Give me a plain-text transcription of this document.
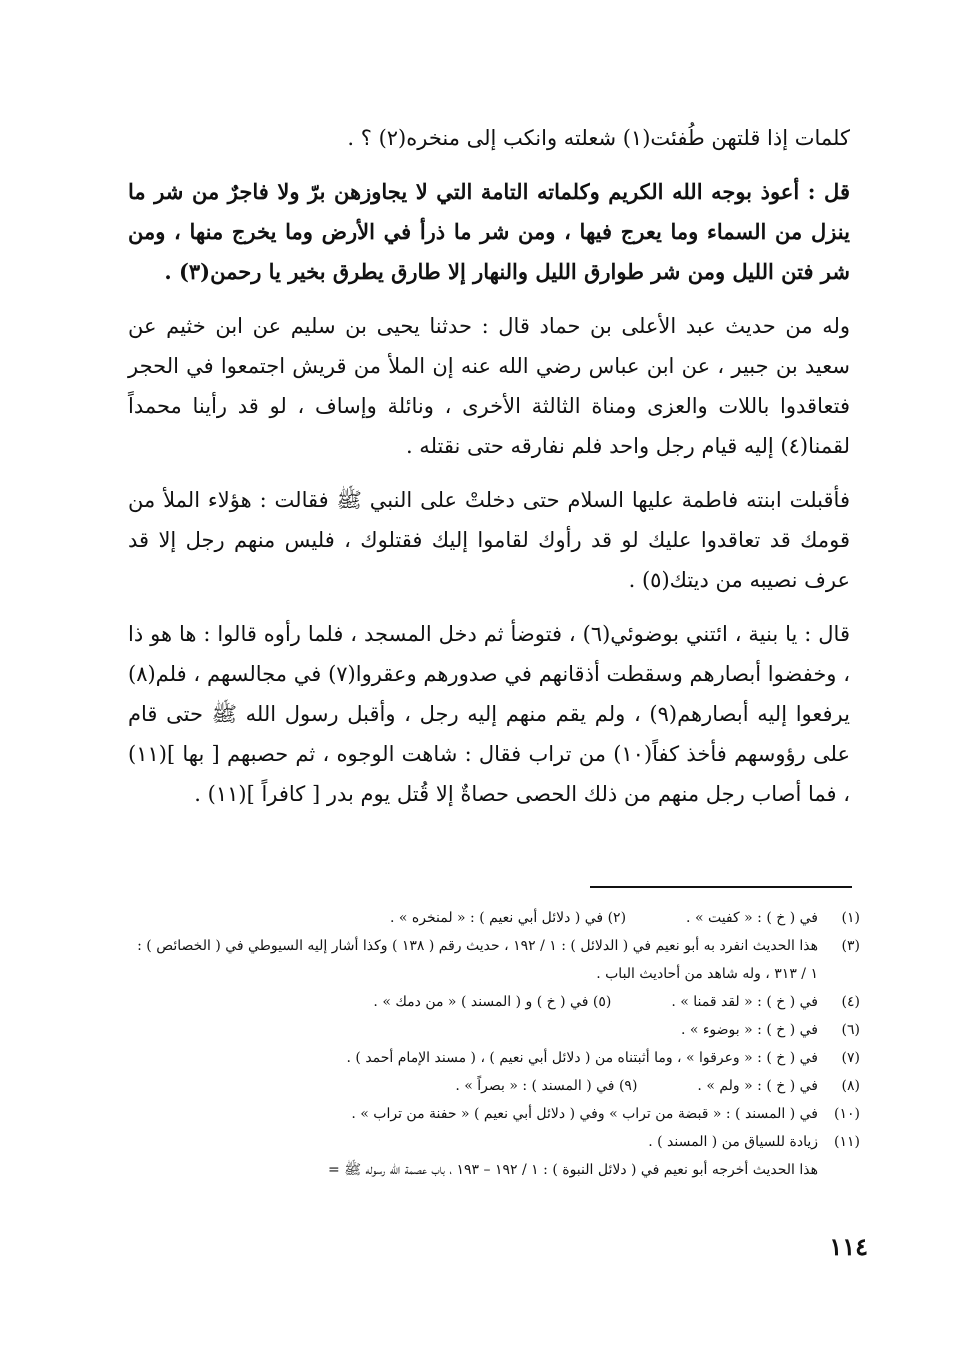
كلمات إذا قلتهن طُفئت(١) شعلته وانكب إلى منخره(٢) ؟ .

قل : أعوذ بوجه الله الكريم وكلماته التامة التي لا يجاوزهن برّ ولا فاجرٌ من شر ما ينزل من السماء وما يعرج فيها ، ومن شر ما ذرأ في الأرض وما يخرج منها ، ومن شر فتن الليل ومن شر طوارق الليل والنهار إلا طارق يطرق بخير يا رحمن(٣) .

وله من حديث عبد الأعلى بن حماد قال : حدثنا يحيى بن سليم عن ابن خثيم عن سعيد بن جبير ، عن ابن عباس رضي الله عنه إن الملأ من قريش اجتمعوا في الحجر فتعاقدوا باللات والعزى ومناة الثالثة الأخرى ، ونائلة وإساف ، لو قد رأينا محمداً لقمنا(٤) إليه قيام رجل واحد فلم نفارقه حتى نقتله .

فأقبلت ابنته فاطمة عليها السلام حتى دخلتْ على النبي ﷺ فقالت : هؤلاء الملأ من قومك قد تعاقدوا عليك لو قد رأوك لقاموا إليك فقتلوك ، فليس منهم رجل إلا قد عرف نصيبه من ديتك(٥) .

قال : يا بنية ، ائتني بوضوئي(٦) ، فتوضأ ثم دخل المسجد ، فلما رأوه قالوا : ها هو ذا ، وخفضوا أبصارهم وسقطت أذقانهم في صدورهم وعقروا(٧) في مجالسهم ، فلم(٨) يرفعوا إليه أبصارهم(٩) ، ولم يقم منهم إليه رجل ، وأقبل رسول الله ﷺ حتى قام على رؤوسهم فأخذ كفاً(١٠) من تراب فقال : شاهت الوجوه ، ثم حصبهم [ بها ](١١) ، فما أصاب رجل منهم من ذلك الحصى حصاةٌ إلا قُتل يوم بدر [ كافراً ](١١) .

(١)
في ( خ ) : « كفيت » .(٢) في ( دلائل أبي نعيم ) : « لمنخره » .
(٣)
هذا الحديث انفرد به أبو نعيم في ( الدلائل ) : ١ / ١٩٢ ، حديث رقم ( ١٣٨ ) وكذا أشار إليه السيوطي في ( الخصائص ) : ١ / ٣١٣ ، وله شاهد من أحاديث الباب .
(٤)
في ( خ ) : « لقد قمنا » .(٥) في ( خ ) و ( المسند ) « من دمك » .
(٦)
في ( خ ) : « بوضوء » .
(٧)
في ( خ ) : « وعرقوا » ، وما أثبتناه من ( دلائل أبي نعيم ) ، ( مسند الإمام أحمد ) .
(٨)
في ( خ ) : « ولم » .(٩) في ( المسند ) : « بصراً » .
(١٠)
في ( المسند ) : « قبضة من تراب » وفي ( دلائل أبي نعيم ) « حفنة من تراب » .
(١١)
زيادة للسياق من ( المسند ) .
هذا الحديث أخرجه أبو نعيم في ( دلائل النبوة ) : ١ / ١٩٢ – ١٩٣ ، باب عصمة الله رسوله ﷺ =
١١٤
